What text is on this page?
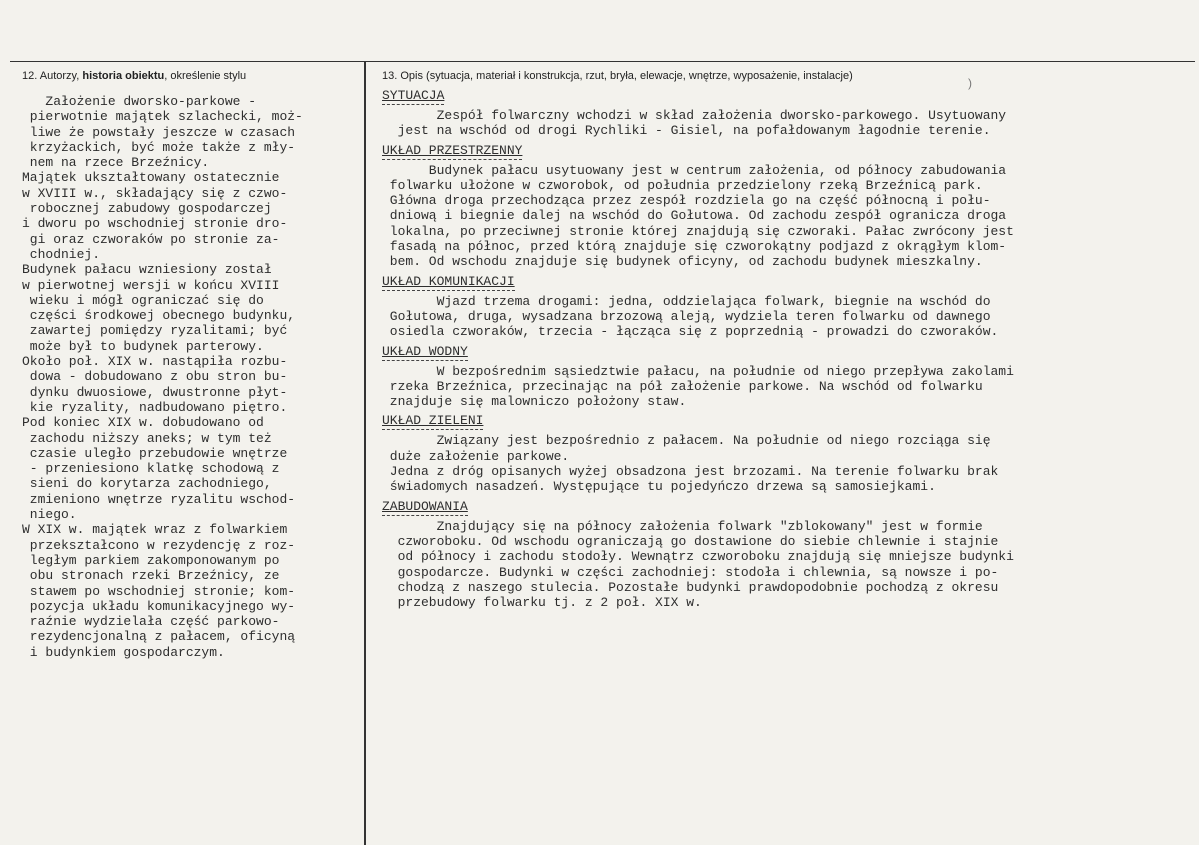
12. Autorzy, historia obiektu, określenie stylu	13. Opis (sytuacja, materiał i konstrukcja, rzut, bryła, elewacje, wnętrze, wyposażenie, instalacje)	)
Założenie dworsko-parkowe -
pierwotnie majątek szlachecki, moż-
liwe że powstały jeszcze w czasach
krzyżackich, być może także z mły-
nem na rzece Brzeźnicy.
Majątek ukształtowany ostatecznie
w XVIII w., składający się z czwo-
robocznej zabudowy gospodarczej
i dworu po wschodniej stronie dro-
gi oraz czworaków po stronie za-
chodniej.
Budynek pałacu wzniesiony został
w pierwotnej wersji w końcu XVIII
wieku i mógł ograniczać się do
części środkowej obecnego budynku,
zawartej pomiędzy ryzalitami; być
może był to budynek parterowy.
Około poł. XIX w. nastąpiła rozbu-
dowa - dobudowano z obu stron bu-
dynku dwuosiowe, dwustronne płyt-
kie ryzality, nadbudowano piętro.
Pod koniec XIX w. dobudowano od
zachodu niższy aneks; w tym też
czasie uległo przebudowie wnętrze
- przeniesiono klatkę schodową z
sieni do korytarza zachodniego,
zmieniono wnętrze ryzalitu wschod-
niego.
W XIX w. majątek wraz z folwarkiem
przekształcono w rezydencję z roz-
ległym parkiem zakomponowanym po
obu stronach rzeki Brzeźnicy, ze
stawem po wschodniej stronie; kom-
pozycja układu komunikacyjnego wy-
raźnie wydzielała część parkowo-
rezydencjonalną z pałacem, oficyną
i budynkiem gospodarczym.
SYTUACJA
Zespół folwarczny wchodzi w skład założenia dworsko-parkowego. Usytuowany
jest na wschód od drogi Rychliki - Gisiel, na pofałdowanym łagodnie terenie.
UKŁAD PRZESTRZENNY
Budynek pałacu usytuowany jest w centrum założenia, od północy zabudowania
folwarku ułożone w czworobok, od południa przedzielony rzeką Brzeźnicą park.
Główna droga przechodząca przez zespół rozdziela go na część północną i połu-
dniową i biegnie dalej na wschód do Gołutowa. Od zachodu zespół ogranicza droga
lokalna, po przeciwnej stronie której znajdują się czworaki. Pałac zwrócony jest
fasadą na północ, przed którą znajduje się czworokątny podjazd z okrągłym klom-
bem. Od wschodu znajduje się budynek oficyny, od zachodu budynek mieszkalny.
UKŁAD KOMUNIKACJI
Wjazd trzema drogami: jedna, oddzielająca folwark, biegnie na wschód do
Gołutowa, druga, wysadzana brzozową aleją, wydziela teren folwarku od dawnego
osiedla czworaków, trzecia - łącząca się z poprzednią - prowadzi do czworaków.
UKŁAD WODNY
W bezpośrednim sąsiedztwie pałacu, na południe od niego przepływa zakolami
rzeka Brzeźnica, przecinając na pół założenie parkowe. Na wschód od folwarku
znajduje się malowniczo położony staw.
UKŁAD ZIELENI
Związany jest bezpośrednio z pałacem. Na południe od niego rozciąga się
duże założenie parkowe.
Jedna z dróg opisanych wyżej obsadzona jest brzozami. Na terenie folwarku brak
świadomych nasadzeń. Występujące tu pojedyńczo drzewa są samosiejkami.
ZABUDOWANIA
Znajdujący się na północy założenia folwark "zblokowany" jest w formie
czworoboku. Od wschodu ograniczają go dostawione do siebie chlewnie i stajnie
od północy i zachodu stodoły. Wewnątrz czworoboku znajdują się mniejsze budynki
gospodarcze. Budynki w części zachodniej: stodoła i chlewnia, są nowsze i po-
chodzą z naszego stulecia. Pozostałe budynki prawdopodobnie pochodzą z okresu
przebudowy folwarku tj. z 2 poł. XIX w.
